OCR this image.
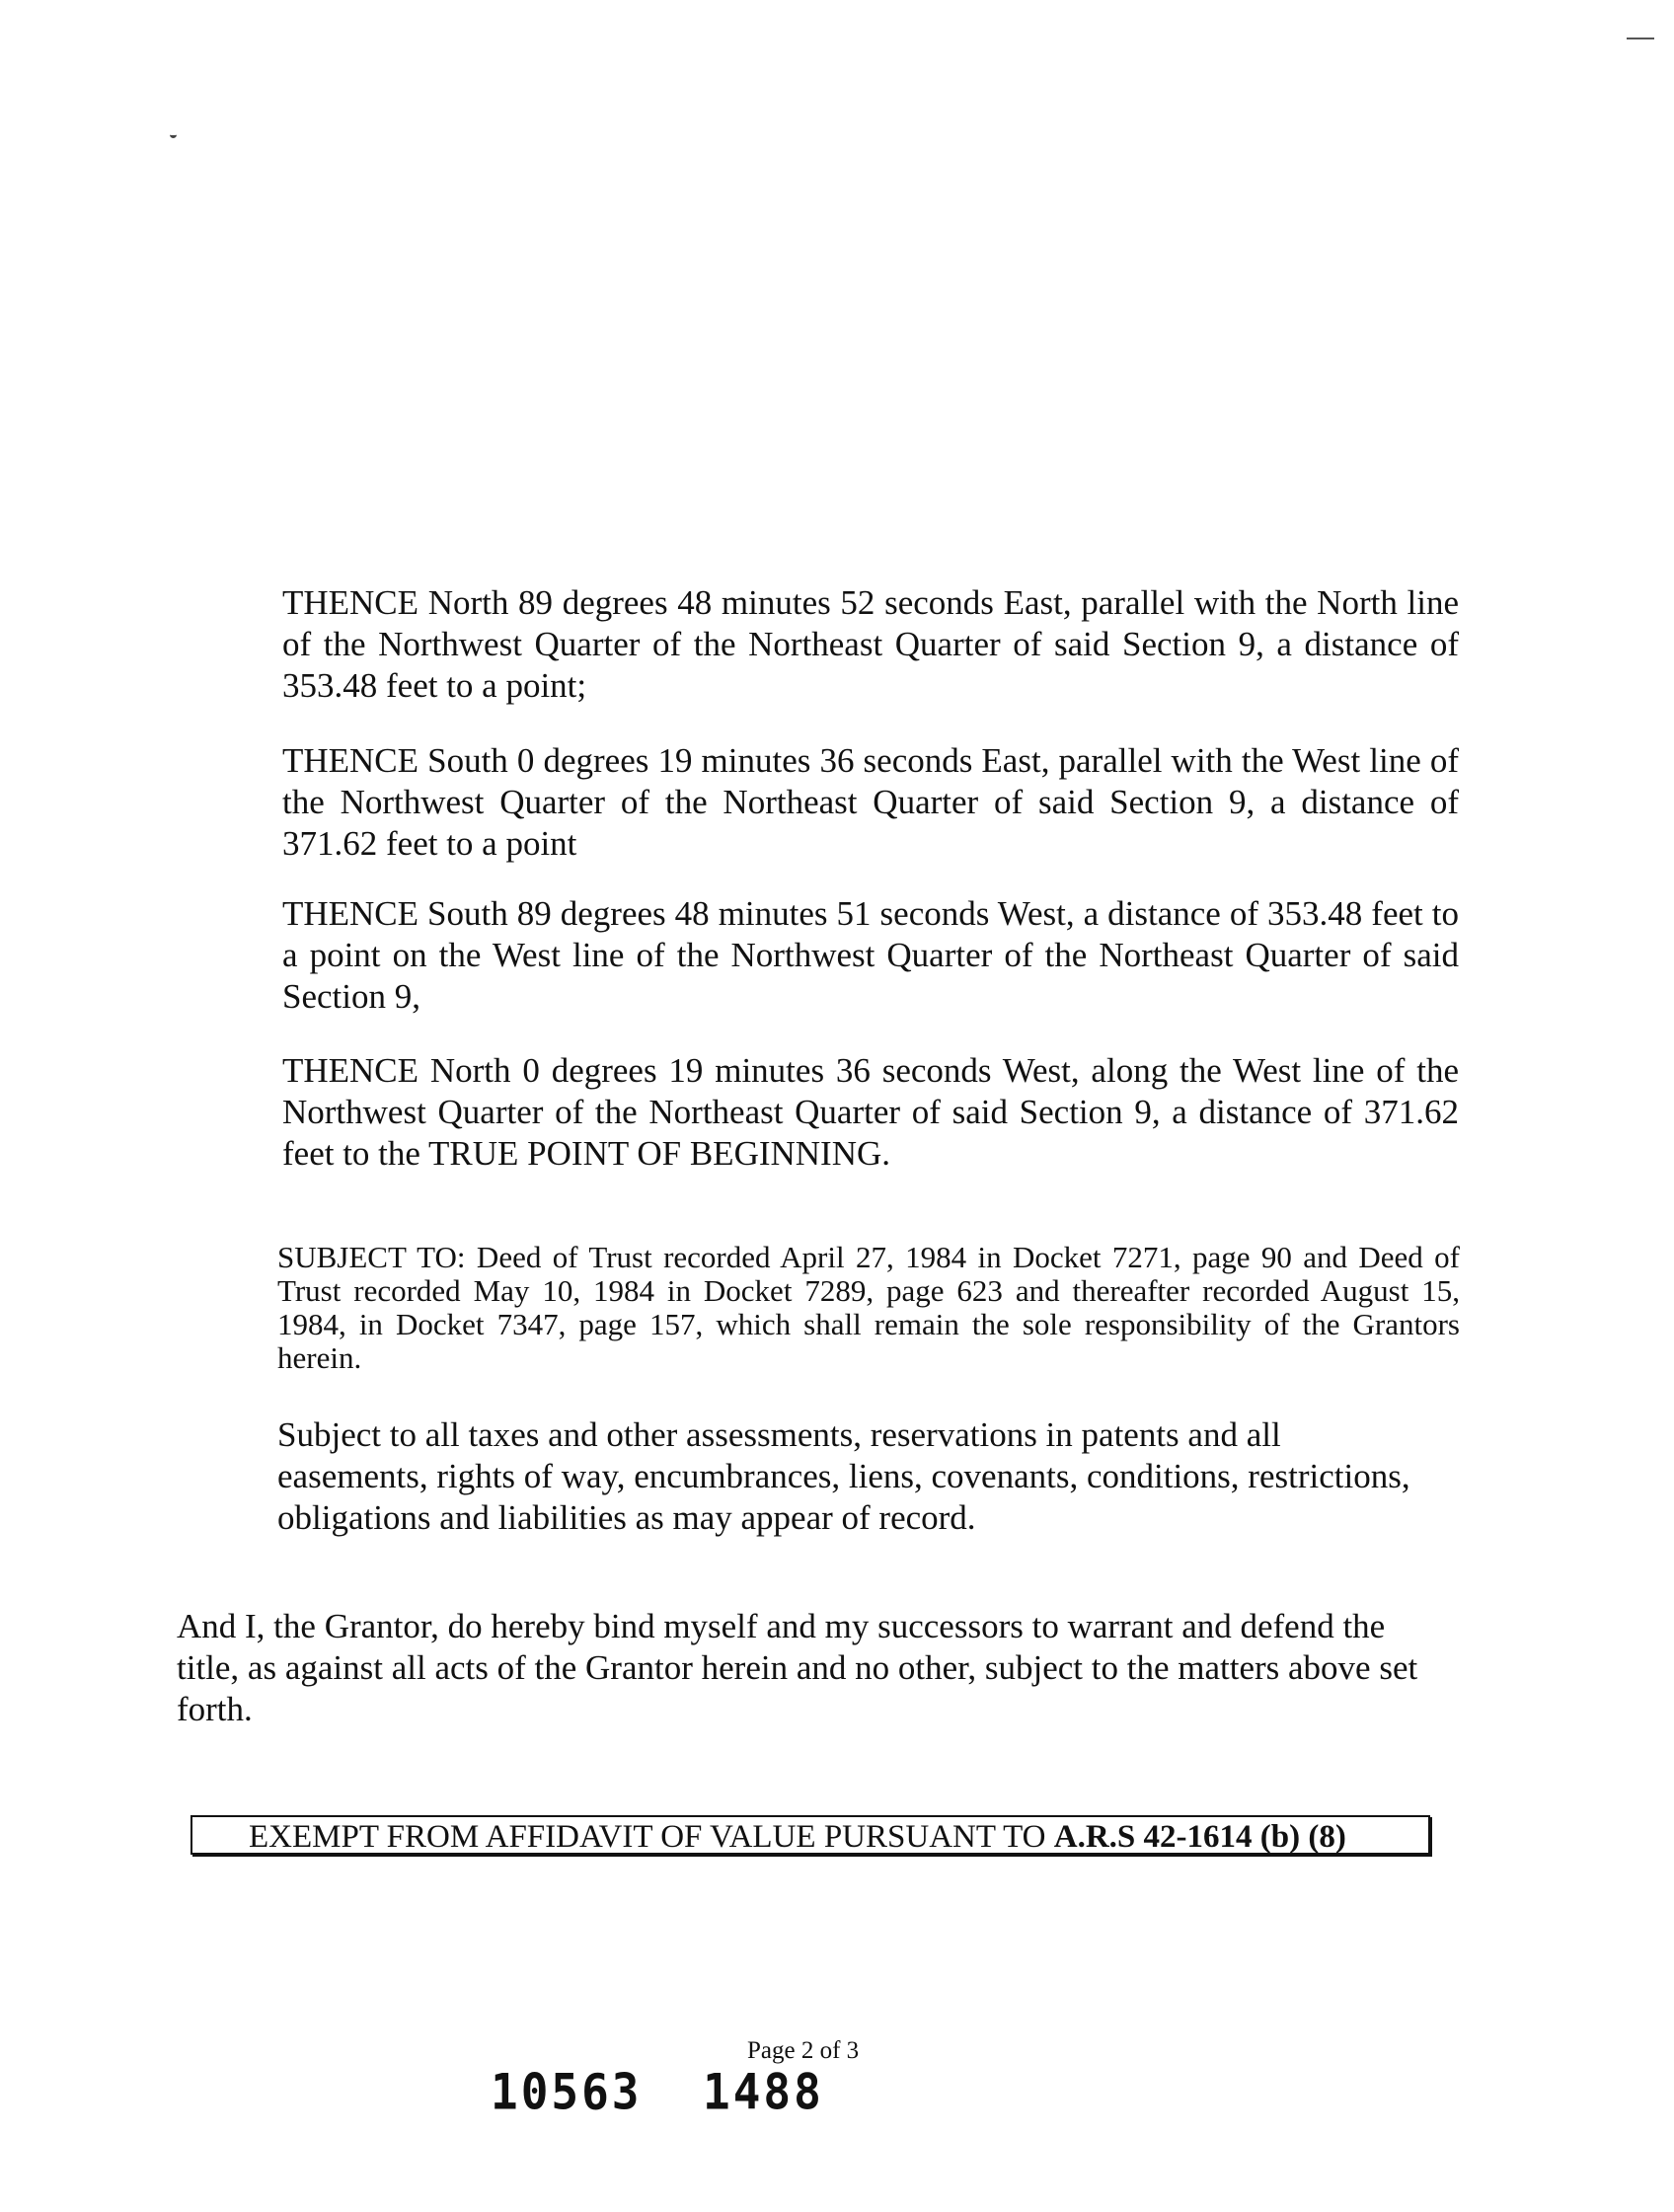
THENCE North 89 degrees 48 minutes 52 seconds East, parallel with the North line of the Northwest Quarter of the Northeast Quarter of said Section 9, a distance of 353.48 feet to a point;

THENCE South 0 degrees 19 minutes 36 seconds East, parallel with the West line of the Northwest Quarter of the Northeast Quarter of said Section 9, a distance of 371.62 feet to a point

THENCE South 89 degrees 48 minutes 51 seconds West, a distance of 353.48 feet to a point on the West line of the Northwest Quarter of the Northeast Quarter of said Section 9,

THENCE North 0 degrees 19 minutes 36 seconds West, along the West line of the Northwest Quarter of the Northeast Quarter of said Section 9, a distance of 371.62 feet to the TRUE POINT OF BEGINNING.

SUBJECT TO: Deed of Trust recorded April 27, 1984 in Docket 7271, page 90 and Deed of Trust recorded May 10, 1984 in Docket 7289, page 623 and thereafter recorded August 15, 1984, in Docket 7347, page 157, which shall remain the sole responsibility of the Grantors herein.

Subject to all taxes and other assessments, reservations in patents and all easements, rights of way, encumbrances, liens, covenants, conditions, restrictions, obligations and liabilities as may appear of record.

And I, the Grantor, do hereby bind myself and my successors to warrant and defend the title, as against all acts of the Grantor herein and no other, subject to the matters above set forth.

EXEMPT FROM AFFIDAVIT OF VALUE PURSUANT TO A.R.S 42-1614 (b) (8)
Page 2 of 3
10563 1488
